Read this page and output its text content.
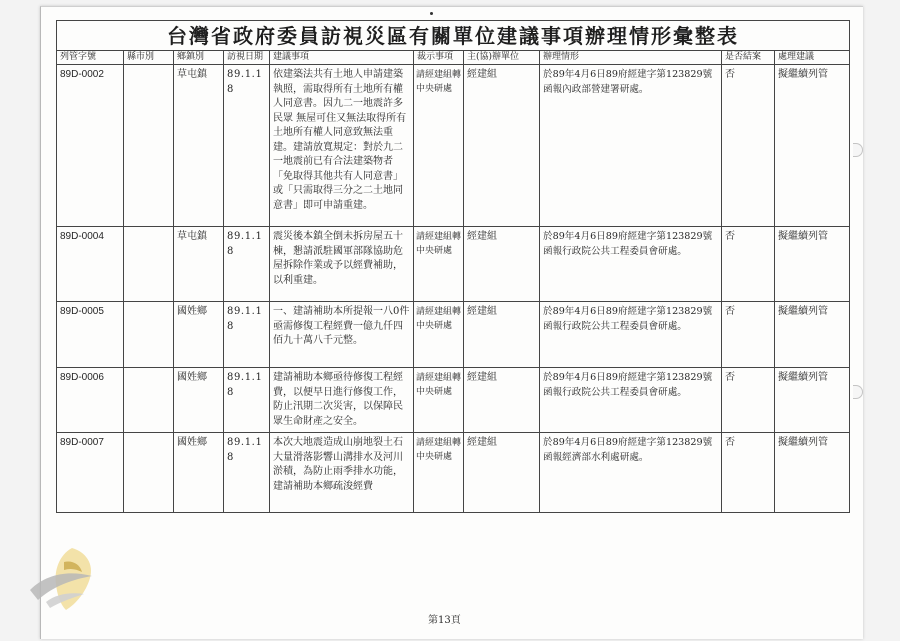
台灣省政府委員訪視災區有關單位建議事項辦理情形彙整表									
列管字號	縣市別	鄉鎮別	訪視日期	建議事項	裁示事項	主(協)辦單位	辦理情形	是否結案	處理建議
89D-0002		草屯鎮	89.1.18	依建築法共有土地人申請建築執照，需取得所有土地所有權人同意書。因九二一地震許多民眾 無屋可住又無法取得所有土地所有權人同意致無法重建。建請放寬規定：對於九二一地震前已有合法建築物者「免取得其他共有人同意書」或「只需取得三分之二土地同意書」即可申請重建。	請經建組轉中央研處	經建組	於89年4月6日89府經建字第123829號函報內政部營建署研處。	否	擬繼續列管
89D-0004		草屯鎮	89.1.18	震災後本鎮全倒未拆房屋五十棟，懇請派駐國軍部隊協助危屋拆除作業或予以經費補助，以利重建。	請經建組轉中央研處	經建組	於89年4月6日89府經建字第123829號函報行政院公共工程委員會研處。	否	擬繼續列管
89D-0005		國姓鄉	89.1.18	一、建請補助本所提報一八0件亟需修復工程經費一億九仟四佰九十萬八千元整。	請經建組轉中央研處	經建組	於89年4月6日89府經建字第123829號函報行政院公共工程委員會研處。	否	擬繼續列管
89D-0006		國姓鄉	89.1.18	建請補助本鄉亟待修復工程經費，以便早日進行修復工作，防止汛期二次災害，以保障民眾生命財產之安全。	請經建組轉中央研處	經建組	於89年4月6日89府經建字第123829號函報行政院公共工程委員會研處。	否	擬繼續列管
89D-0007		國姓鄉	89.1.18	本次大地震造成山崩地裂土石大量滑落影響山溝排水及河川淤積，為防止雨季排水功能，建請補助本鄉疏浚經費	請經建組轉中央研處	經建組	於89年4月6日89府經建字第123829號函報經濟部水利處研處。	否	擬繼續列管
第13頁
